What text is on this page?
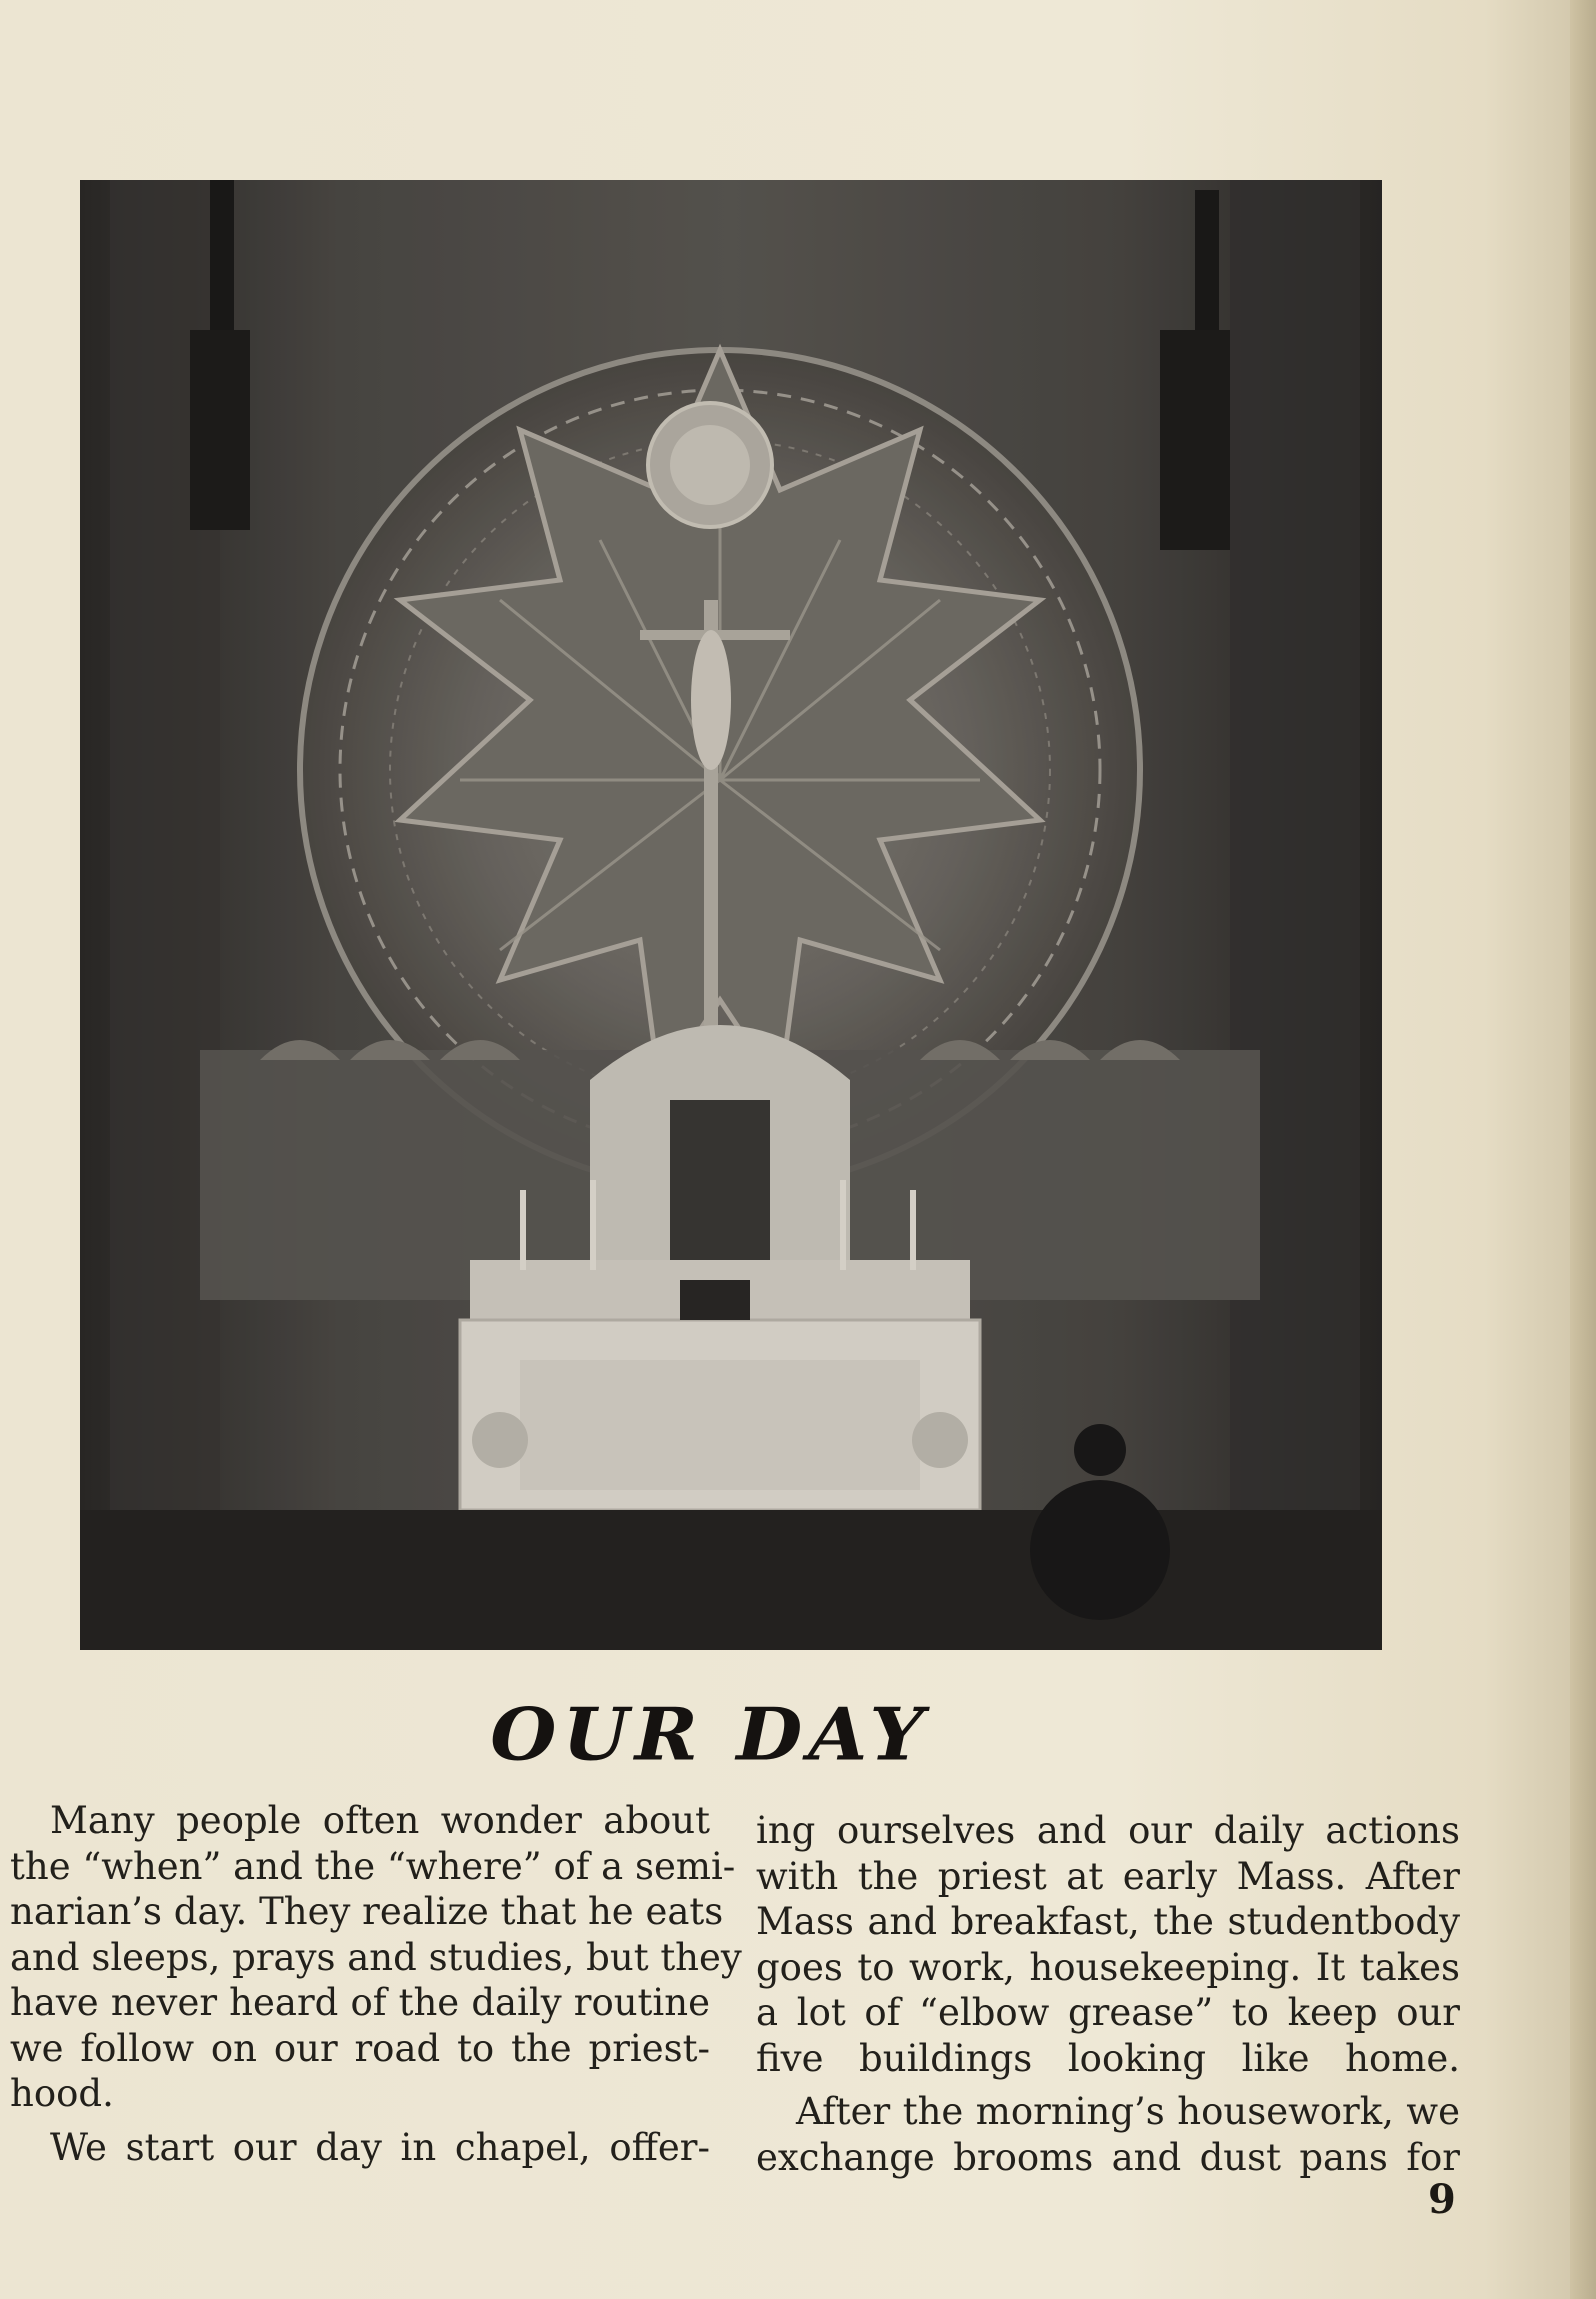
OUR DAY

Many people often wonder about
the “when” and the “where” of a semi-
narian’s day. They realize that he eats
and sleeps, prays and studies, but they
have never heard of the daily routine
we follow on our road to the priest-
hood.

We start our day in chapel, offer-

ing ourselves and our daily actions
with the priest at early Mass. After
Mass and breakfast, the studentbody
goes to work, housekeeping. It takes
a lot of “elbow grease” to keep our
five buildings looking like home.

After the morning’s housework, we
exchange brooms and dust pans for

9
